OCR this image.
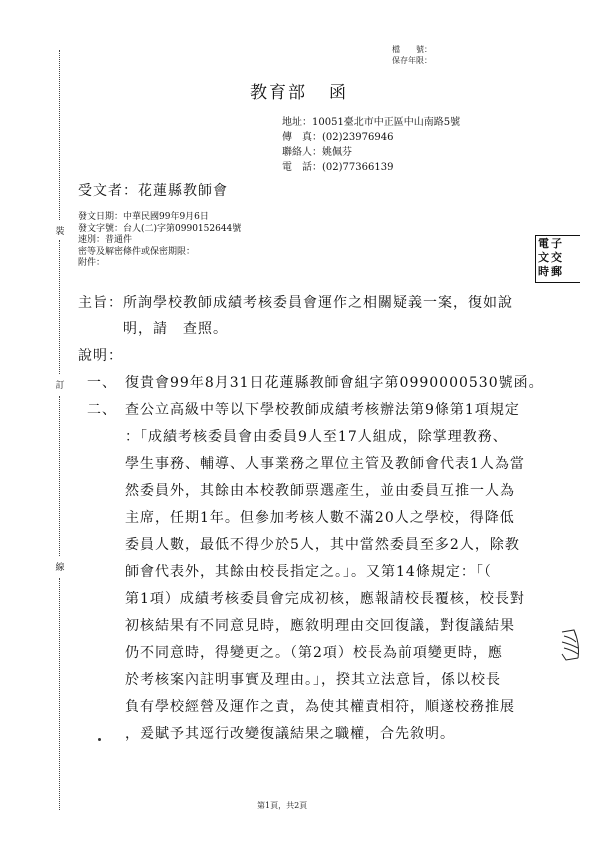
裝
訂
線
檔　　號：
保存年限：
教育部 函
地址：10051臺北市中正區中山南路5號
傳　真：(02)23976946
聯絡人：姚佩芬
電　話：(02)77366139
受文者：花蓮縣教師會
發文日期：中華民國99年9月6日
發文字號：台人(二)字第0990152644號
速別：普通件
密等及解密條件或保密期限：
附件：
電
文
時
子
交
郵
主旨：所詢學校教師成績考核委員會運作之相關疑義一案，復如說
明，請　查照。
說明：
一、 復貴會99年8月31日花蓮縣教師會組字第0990000530號函。
二、 查公立高級中等以下學校教師成績考核辦法第9條第1項規定
：「成績考核委員會由委員9人至17人組成，除掌理教務、
學生事務、輔導、人事業務之單位主管及教師會代表1人為當
然委員外，其餘由本校教師票選產生，並由委員互推一人為
主席，任期1年。但參加考核人數不滿20人之學校，得降低
委員人數，最低不得少於5人，其中當然委員至多2人，除教
師會代表外，其餘由校長指定之。」。又第14條規定：「（
第1項）成績考核委員會完成初核，應報請校長覆核，校長對
初核結果有不同意見時，應敘明理由交回復議，對復議結果
仍不同意時，得變更之。（第2項）校長為前項變更時，應
於考核案內註明事實及理由。」，揆其立法意旨，係以校長
負有學校經營及運作之責，為使其權責相符，順遂校務推展
，爰賦予其逕行改變復議結果之職權，合先敘明。
第1頁，共2頁
